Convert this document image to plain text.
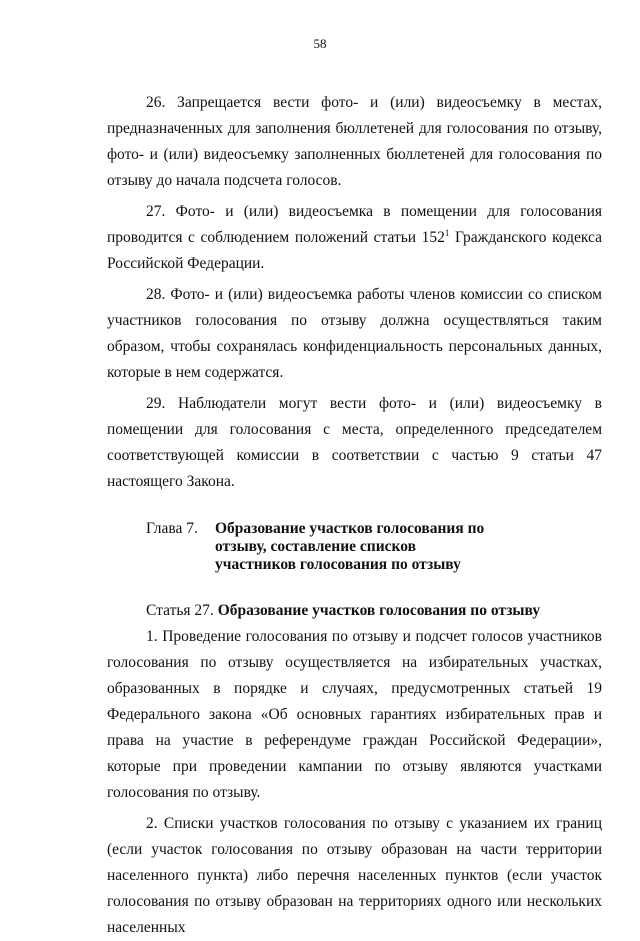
58

26. Запрещается вести фото- и (или) видеосъемку в местах, предназначенных для заполнения бюллетеней для голосования по отзыву, фото- и (или) видеосъемку заполненных бюллетеней для голосования по отзыву до начала подсчета голосов.

27. Фото- и (или) видеосъемка в помещении для голосования проводится с соблюдением положений статьи $152^1$ Гражданского кодекса Российской Федерации.

28. Фото- и (или) видеосъемка работы членов комиссии со списком участников голосования по отзыву должна осуществляться таким образом, чтобы сохранялась конфиденциальность персональных данных, которые в нем содержатся.

29. Наблюдатели могут вести фото- и (или) видеосъемку в помещении для голосования с места, определенного председателем соответствующей комиссии в соответствии с частью 9 статьи 47 настоящего Закона.

Глава 7. Образование участков голосования по отзыву, составление списков участников голосования по отзыву
Статья 27. Образование участков голосования по отзыву

1. Проведение голосования по отзыву и подсчет голосов участников голосования по отзыву осуществляется на избирательных участках, образованных в порядке и случаях, предусмотренных статьей 19 Федерального закона «Об основных гарантиях избирательных прав и права на участие в референдуме граждан Российской Федерации», которые при проведении кампании по отзыву являются участками голосования по отзыву.

2. Списки участков голосования по отзыву с указанием их границ (если участок голосования по отзыву образован на части территории населенного пункта) либо перечня населенных пунктов (если участок голосования по отзыву образован на территориях одного или нескольких населенных
